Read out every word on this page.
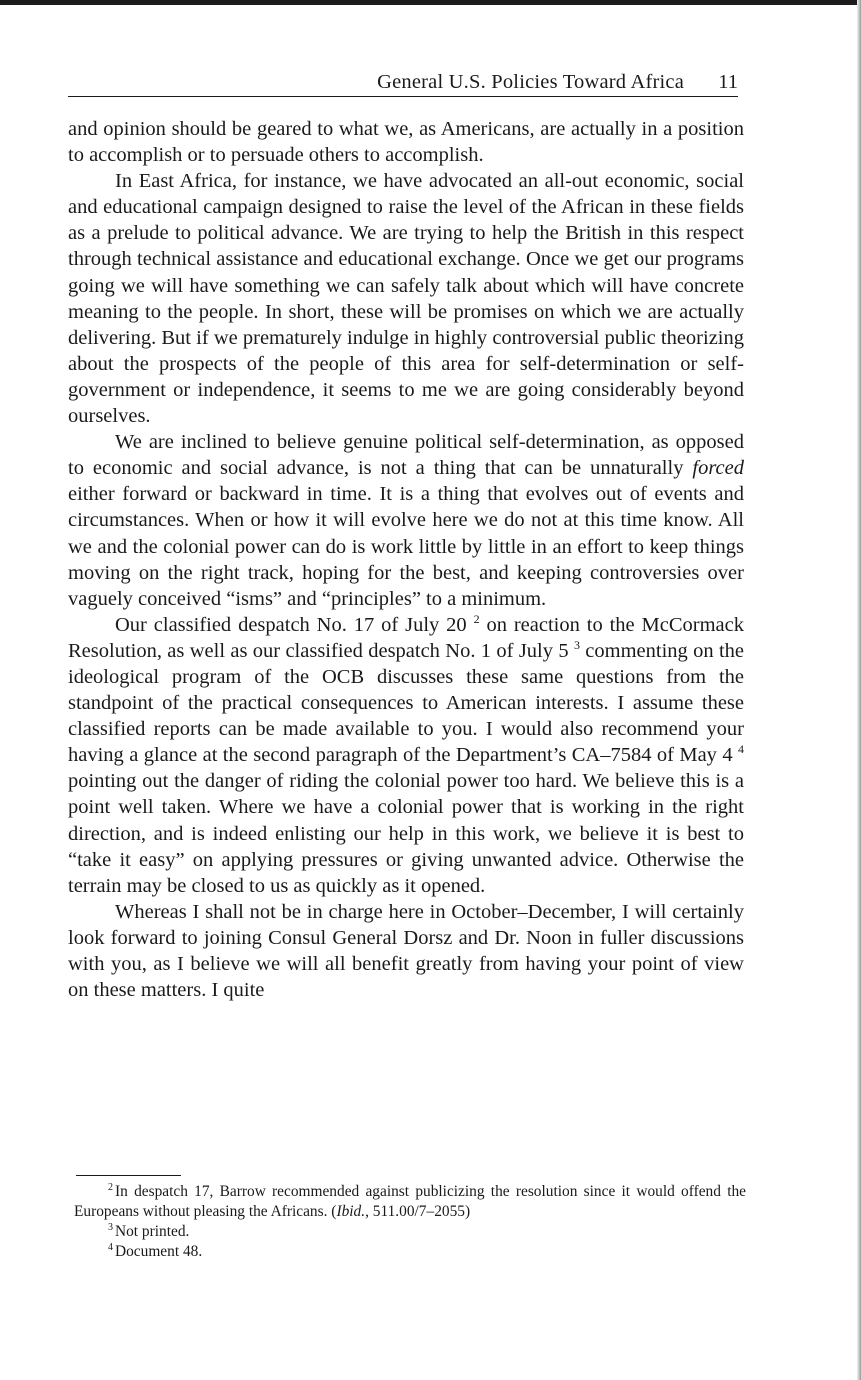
General U.S. Policies Toward Africa 11

and opinion should be geared to what we, as Americans, are actually in a position to accomplish or to persuade others to accomplish.

In East Africa, for instance, we have advocated an all-out economic, social and educational campaign designed to raise the level of the African in these fields as a prelude to political advance. We are trying to help the British in this respect through technical assistance and educational exchange. Once we get our programs going we will have something we can safely talk about which will have concrete meaning to the people. In short, these will be promises on which we are actually delivering. But if we prematurely indulge in highly controversial public theorizing about the prospects of the people of this area for self-determination or self-government or independence, it seems to me we are going considerably beyond ourselves.

We are inclined to believe genuine political self-determination, as opposed to economic and social advance, is not a thing that can be unnaturally forced either forward or backward in time. It is a thing that evolves out of events and circumstances. When or how it will evolve here we do not at this time know. All we and the colonial power can do is work little by little in an effort to keep things moving on the right track, hoping for the best, and keeping controversies over vaguely conceived “isms” and “principles” to a minimum.

Our classified despatch No. 17 of July 20 $^2$ on reaction to the McCormack Resolution, as well as our classified despatch No. 1 of July 5 $^3$ commenting on the ideological program of the OCB discusses these same questions from the standpoint of the practical consequences to American interests. I assume these classified reports can be made available to you. I would also recommend your having a glance at the second paragraph of the Department’s CA–7584 of May 4 $^4$ pointing out the danger of riding the colonial power too hard. We believe this is a point well taken. Where we have a colonial power that is working in the right direction, and is indeed enlisting our help in this work, we believe it is best to “take it easy” on applying pressures or giving unwanted advice. Otherwise the terrain may be closed to us as quickly as it opened.

Whereas I shall not be in charge here in October–December, I will certainly look forward to joining Consul General Dorsz and Dr. Noon in fuller discussions with you, as I believe we will all benefit greatly from having your point of view on these matters. I quite

$^2$ In despatch 17, Barrow recommended against publicizing the resolution since it would offend the Europeans without pleasing the Africans. (Ibid., 511.00/7–2055)

$^3$ Not printed.

$^4$ Document 48.
